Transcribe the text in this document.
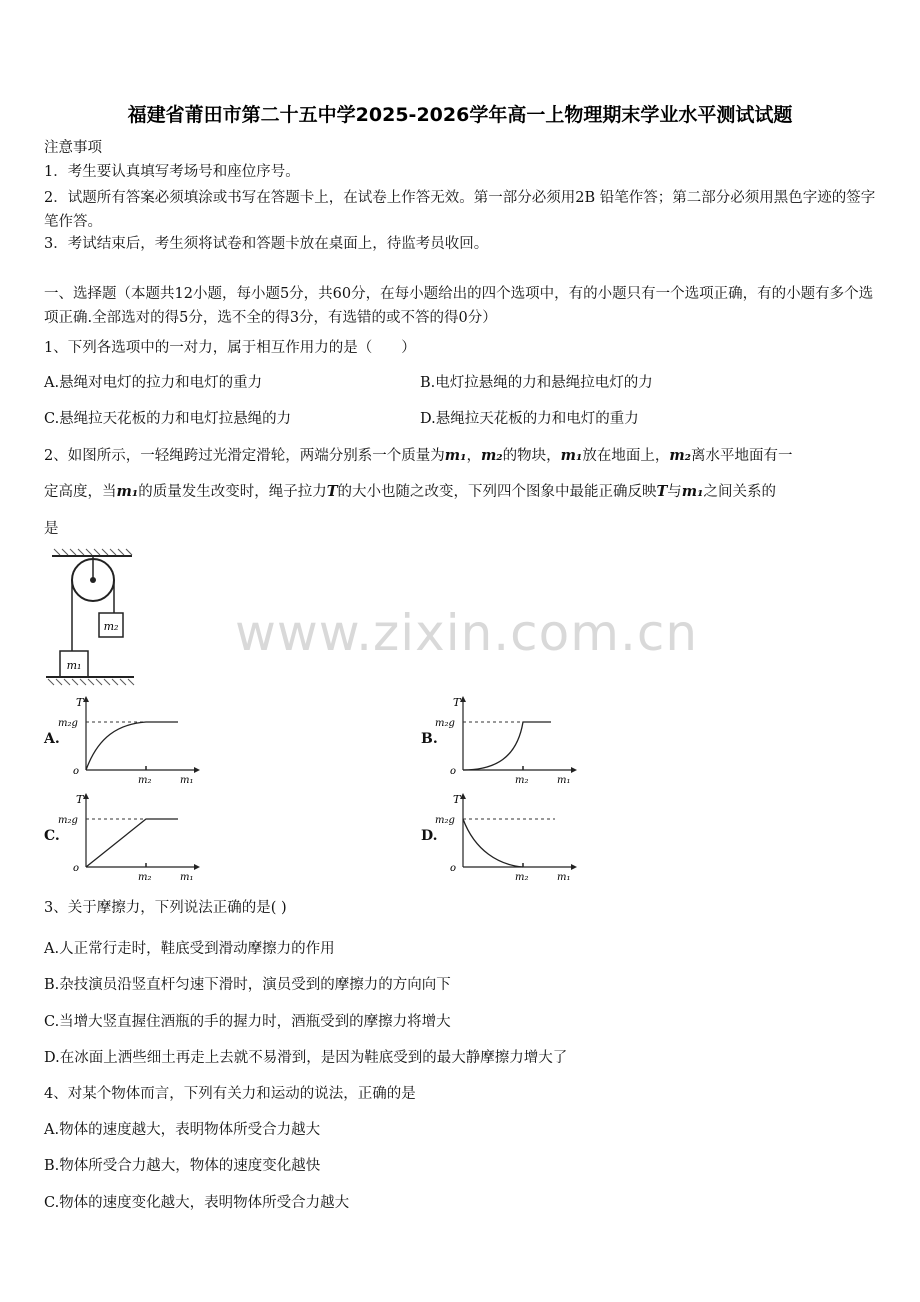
福建省莆田市第二十五中学2025-2026学年高一上物理期末学业水平测试试题
注意事项
1．考生要认真填写考场号和座位序号。
2．试题所有答案必须填涂或书写在答题卡上，在试卷上作答无效。第一部分必须用2B 铅笔作答；第二部分必须用黑色字迹的签字笔作答。
3．考试结束后，考生须将试卷和答题卡放在桌面上，待监考员收回。
一、选择题（本题共12小题，每小题5分，共60分，在每小题给出的四个选项中，有的小题只有一个选项正确，有的小题有多个选项正确.全部选对的得5分，选不全的得3分，有选错的或不答的得0分）
1、下列各选项中的一对力，属于相互作用力的是（　　）
A.悬绳对电灯的拉力和电灯的重力	B.电灯拉悬绳的力和悬绳拉电灯的力
C.悬绳拉天花板的力和电灯拉悬绳的力	D.悬绳拉天花板的力和电灯的重力
2、如图所示，一轻绳跨过光滑定滑轮，两端分别系一个质量为m₁，m₂的物块，m₁放在地面上，m₂离水平地面有一
定高度，当m₁的质量发生改变时，绳子拉力T的大小也随之改变，下列四个图象中最能正确反映T与m₁之间关系的
是
m₂
m₁
A.
T
m₂g
o
m₂	m₁
B.
T
m₂g
o
m₂	m₁
C.
T
m₂g
o
m₂	m₁
D.
T
m₂g
o
m₂	m₁
www.zixin.com.cn
3、关于摩擦力，下列说法正确的是( )
A.人正常行走时，鞋底受到滑动摩擦力的作用
B.杂技演员沿竖直杆匀速下滑时，演员受到的摩擦力的方向向下
C.当增大竖直握住酒瓶的手的握力时，酒瓶受到的摩擦力将增大
D.在冰面上洒些细土再走上去就不易滑到，是因为鞋底受到的最大静摩擦力增大了
4、对某个物体而言，下列有关力和运动的说法，正确的是
A.物体的速度越大，表明物体所受合力越大
B.物体所受合力越大，物体的速度变化越快
C.物体的速度变化越大，表明物体所受合力越大
